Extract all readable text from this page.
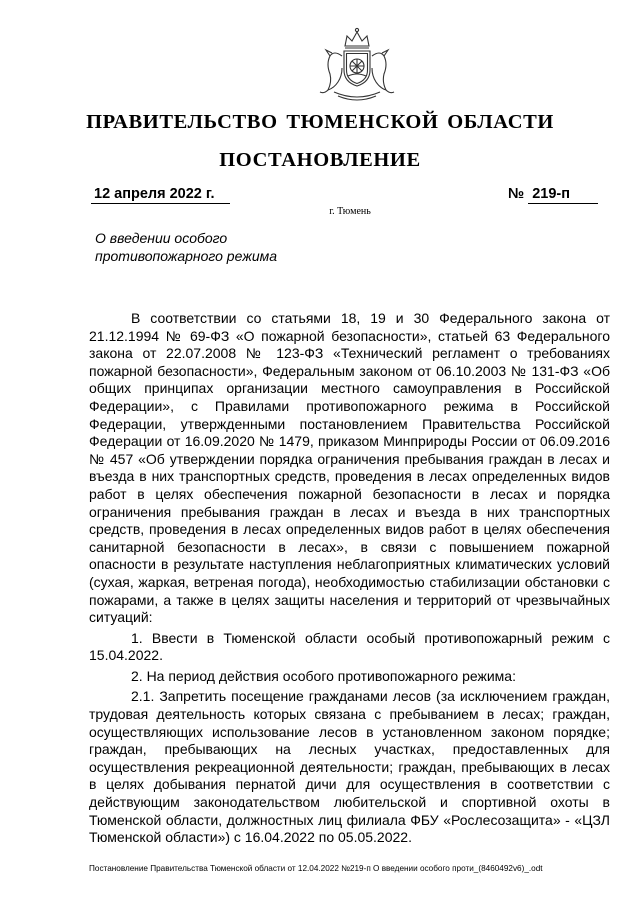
ПРАВИТЕЛЬСТВО ТЮМЕНСКОЙ ОБЛАСТИ
ПОСТАНОВЛЕНИЕ
12 апреля 2022 г.	№ 219-п
г. Тюмень
О введении особого
противопожарного режима

В соответствии со статьями 18, 19 и 30 Федерального закона от 21.12.1994 № 69-ФЗ «О пожарной безопасности», статьей 63 Федерального закона от 22.07.2008 № 123-ФЗ «Технический регламент о требованиях пожарной безопасности», Федеральным законом от 06.10.2003 № 131-ФЗ «Об общих принципах организации местного самоуправления в Российской Федерации», с Правилами противопожарного режима в Российской Федерации, утвержденными постановлением Правительства Российской Федерации от 16.09.2020 № 1479, приказом Минприроды России от 06.09.2016 № 457 «Об утверждении порядка ограничения пребывания граждан в лесах и въезда в них транспортных средств, проведения в лесах определенных видов работ в целях обеспечения пожарной безопасности в лесах и порядка ограничения пребывания граждан в лесах и въезда в них транспортных средств, проведения в лесах определенных видов работ в целях обеспечения санитарной безопасности в лесах», в связи с повышением пожарной опасности в результате наступления неблагоприятных климатических условий (сухая, жаркая, ветреная погода), необходимостью стабилизации обстановки с пожарами, а также в целях защиты населения и территорий от чрезвычайных ситуаций:

1. Ввести в Тюменской области особый противопожарный режим с 15.04.2022.

2. На период действия особого противопожарного режима:

2.1. Запретить посещение гражданами лесов (за исключением граждан, трудовая деятельность которых связана с пребыванием в лесах; граждан, осуществляющих использование лесов в установленном законом порядке; граждан, пребывающих на лесных участках, предоставленных для осуществления рекреационной деятельности; граждан, пребывающих в лесах в целях добывания пернатой дичи для осуществления в соответствии с действующим законодательством любительской и спортивной охоты в Тюменской области, должностных лиц филиала ФБУ «Рослесозащита» - «ЦЗЛ Тюменской области») с 16.04.2022 по 05.05.2022.

Постановление Правительства Тюменской области от 12.04.2022 №219-п О введении особого проти_(8460492v6)_.odt
